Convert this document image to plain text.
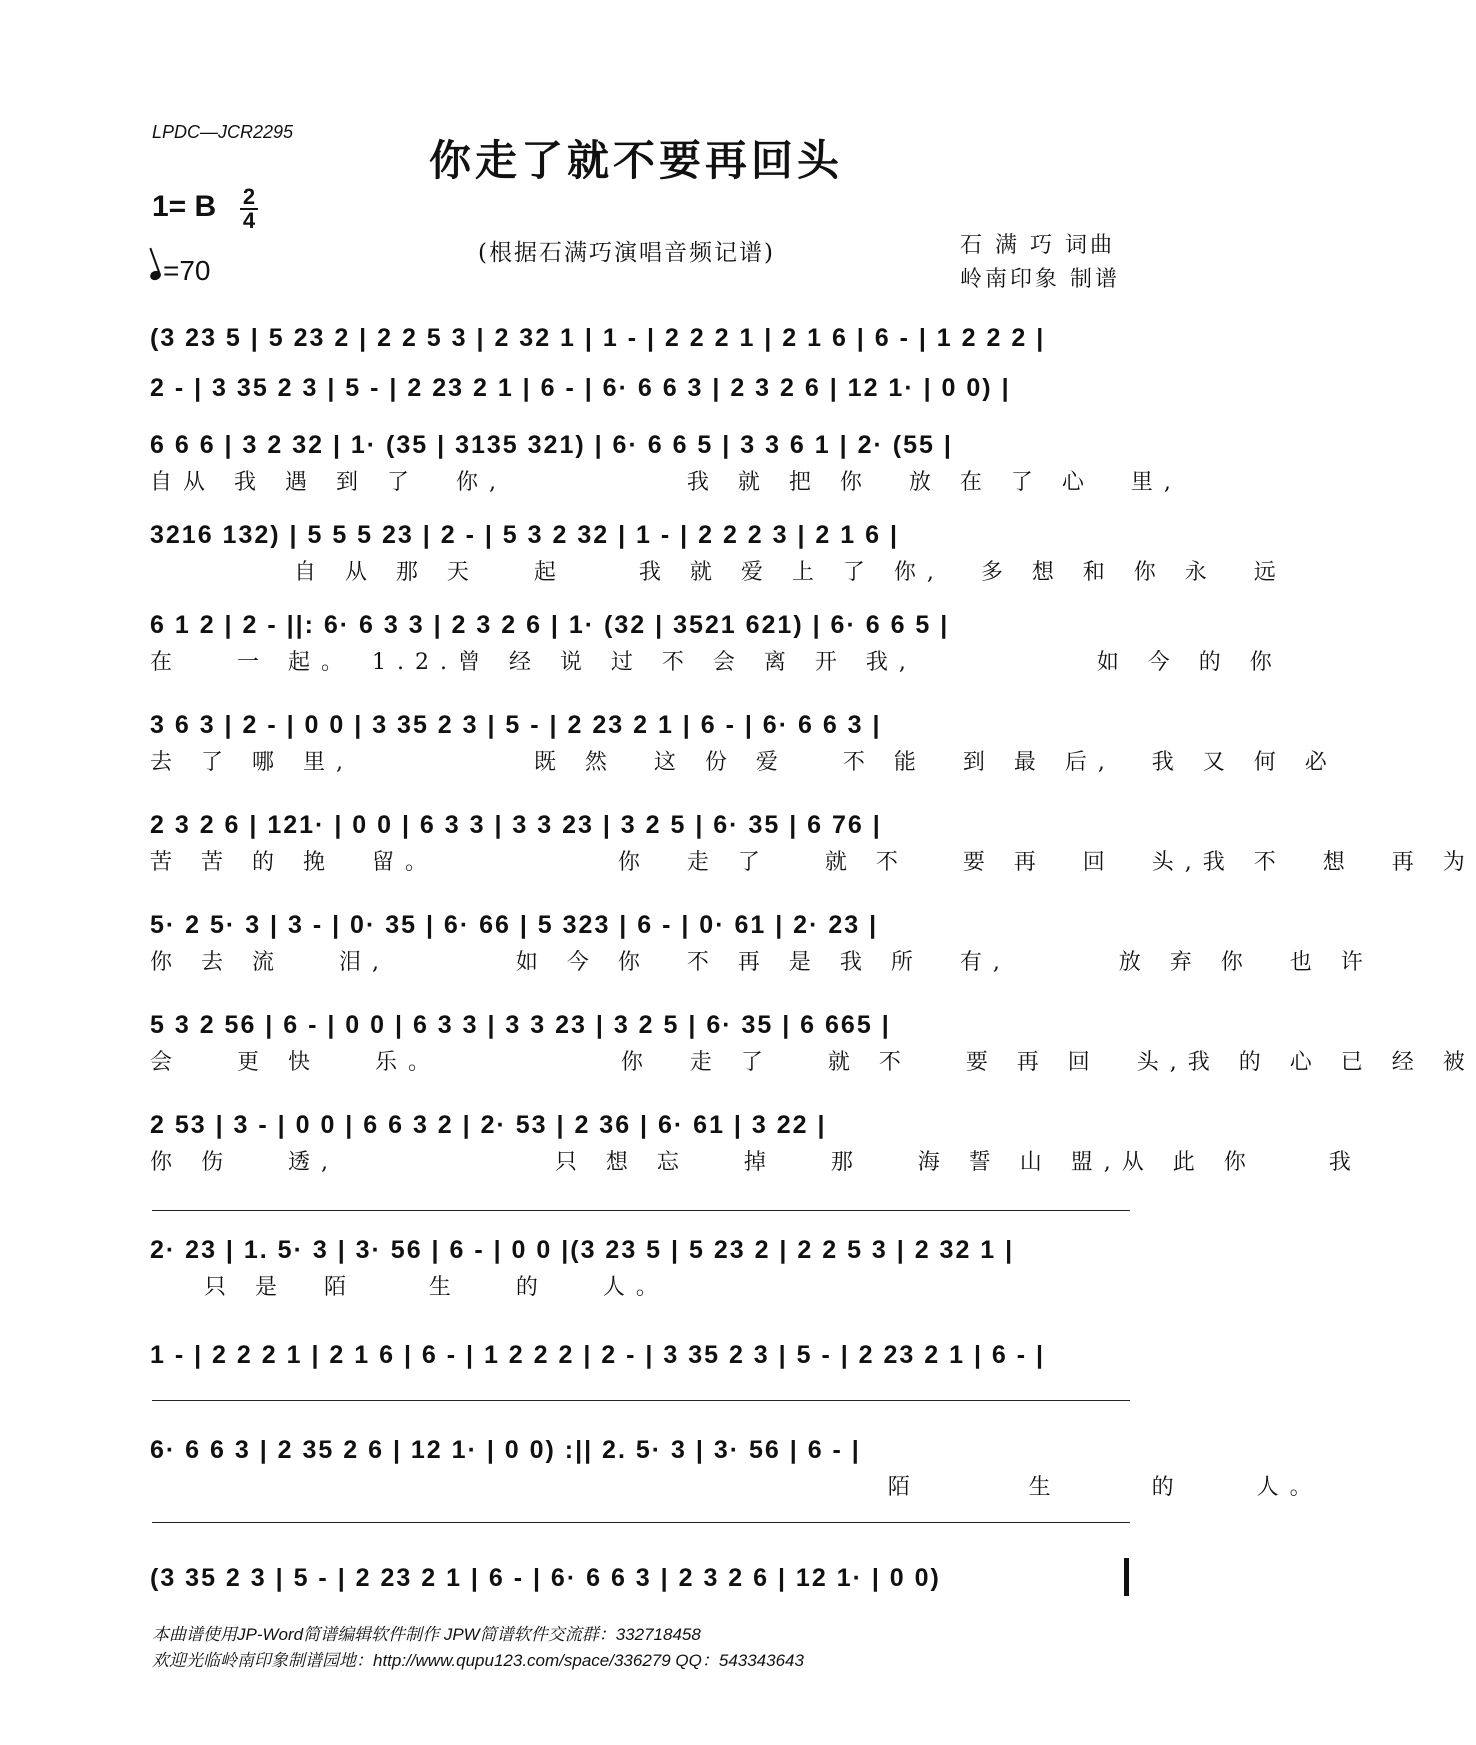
LPDC—JCR2295
你走了就不要再回头
1= B 2
4
=70
(根据石满巧演唱音频记谱)	石 满 巧 词曲
岭南印象 制谱
(3 23 5 | 5 23 2 | 2 2 5 3 | 2 32 1 | 1 - | 2 2 2 1 | 2 1 6 | 6 - | 1 2 2 2 |
2 - | 3 35 2 3 | 5 - | 2 23 2 1 | 6 - | 6· 6 6 3 | 2 3 2 6 | 12 1· | 0 0) |
6 6 6 | 3 2 32 | 1· (35 | 3135 321) | 6· 6 6 5 | 3 3 6 1 | 2· (55 |
自从 我 遇 到 了  你,          我 就 把 你  放 在 了 心  里,
3216 132) | 5 5 5 23 | 2 - | 5 3 2 32 | 1 - | 2 2 2 3 | 2 1 6 |
自 从 那 天   起    我 就 爱 上 了 你,  多 想 和 你 永  远
6 1 2 | 2 - ||: 6· 6 3 3 | 2 3 2 6 | 1· (32 | 3521 621) | 6· 6 6 5 |
在   一 起。 1.2.曾 经 说 过 不 会 离 开 我,          如 今 的 你
3 6 3 | 2 - | 0 0 | 3 35 2 3 | 5 - | 2 23 2 1 | 6 - | 6· 6 6 3 |
去 了 哪 里,          既 然  这 份 爱   不 能  到 最 后,  我 又 何 必
2 3 2 6 | 121· | 0 0 | 6 3 3 | 3 3 23 | 3 2 5 | 6· 35 | 6 76 |
苦 苦 的 挽  留。          你  走 了   就 不   要 再  回  头,我 不  想  再 为
5· 2 5· 3 | 3 - | 0· 35 | 6· 66 | 5 323 | 6 - | 0· 61 | 2· 23 |
你 去 流   泪,       如 今 你  不 再 是 我 所  有,      放 弃 你  也 许
5 3 2 56 | 6 - | 0 0 | 6 3 3 | 3 3 23 | 3 2 5 | 6· 35 | 6 665 |
会   更 快   乐。          你  走 了   就 不   要 再 回  头,我 的 心 已 经 被
2 53 | 3 - | 0 0 | 6 6 3 2 | 2· 53 | 2 36 | 6· 61 | 3 22 |
你 伤   透,            只 想 忘   掉   那   海 誓 山 盟,从 此 你    我
2· 23 | 1. 5· 3 | 3· 56 | 6 - | 0 0 |(3 23 5 | 5 23 2 | 2 2 5 3 | 2 32 1 |
只 是  陌    生   的   人。
1 - | 2 2 2 1 | 2 1 6 | 6 - | 1 2 2 2 | 2 - | 3 35 2 3 | 5 - | 2 23 2 1 | 6 - |
6· 6 6 3 | 2 35 2 6 | 12 1· | 0 0) :|| 2. 5· 3 | 3· 56 | 6 - |
陌      生     的    人。
(3 35 2 3 | 5 - | 2 23 2 1 | 6 - | 6· 6 6 3 | 2 3 2 6 | 12 1· | 0 0)
本曲谱使用JP-Word简谱编辑软件制作 JPW简谱软件交流群：332718458
欢迎光临岭南印象制谱园地：http://www.qupu123.com/space/336279 QQ：543343643
